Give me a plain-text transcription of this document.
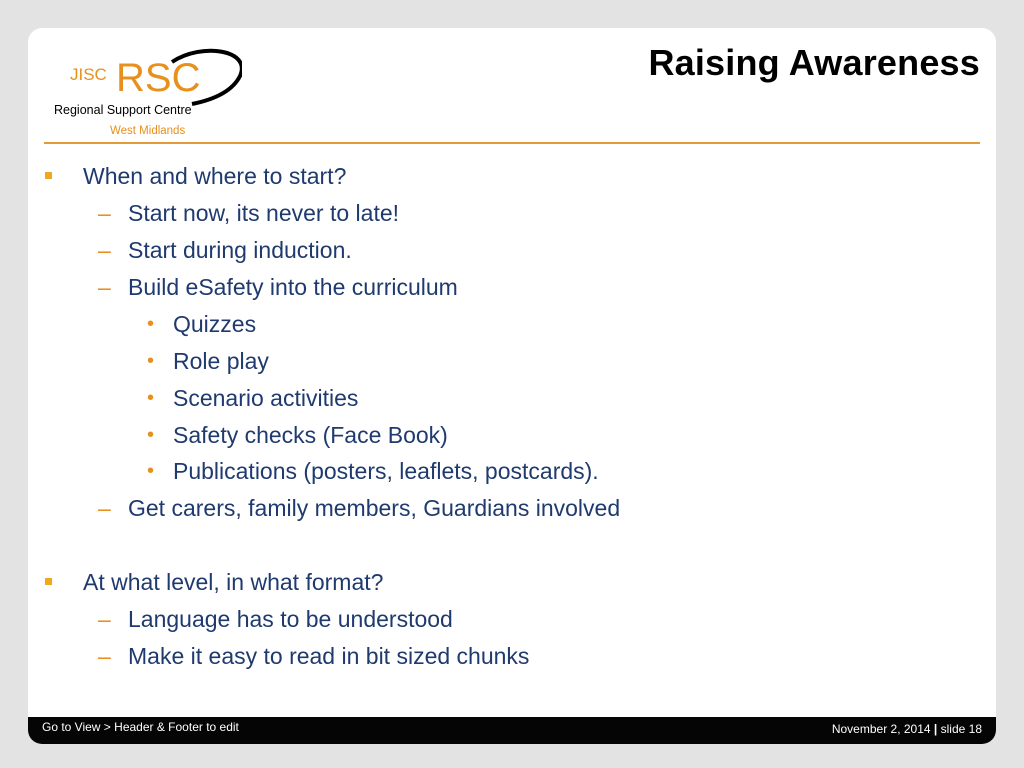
JISC RSC
Regional Support Centre
West Midlands
Raising Awareness
When and where to start?
– Start now, its never to late!
– Start during induction.
– Build eSafety into the curriculum
• Quizzes
• Role play
• Scenario activities
• Safety checks (Face Book)
• Publications (posters, leaflets, postcards).
– Get carers, family members, Guardians involved
At what level, in what format?
– Language has to be understood
– Make it easy to read in bit sized chunks
Go to View > Header & Footer to edit	November 2, 2014 | slide 18
